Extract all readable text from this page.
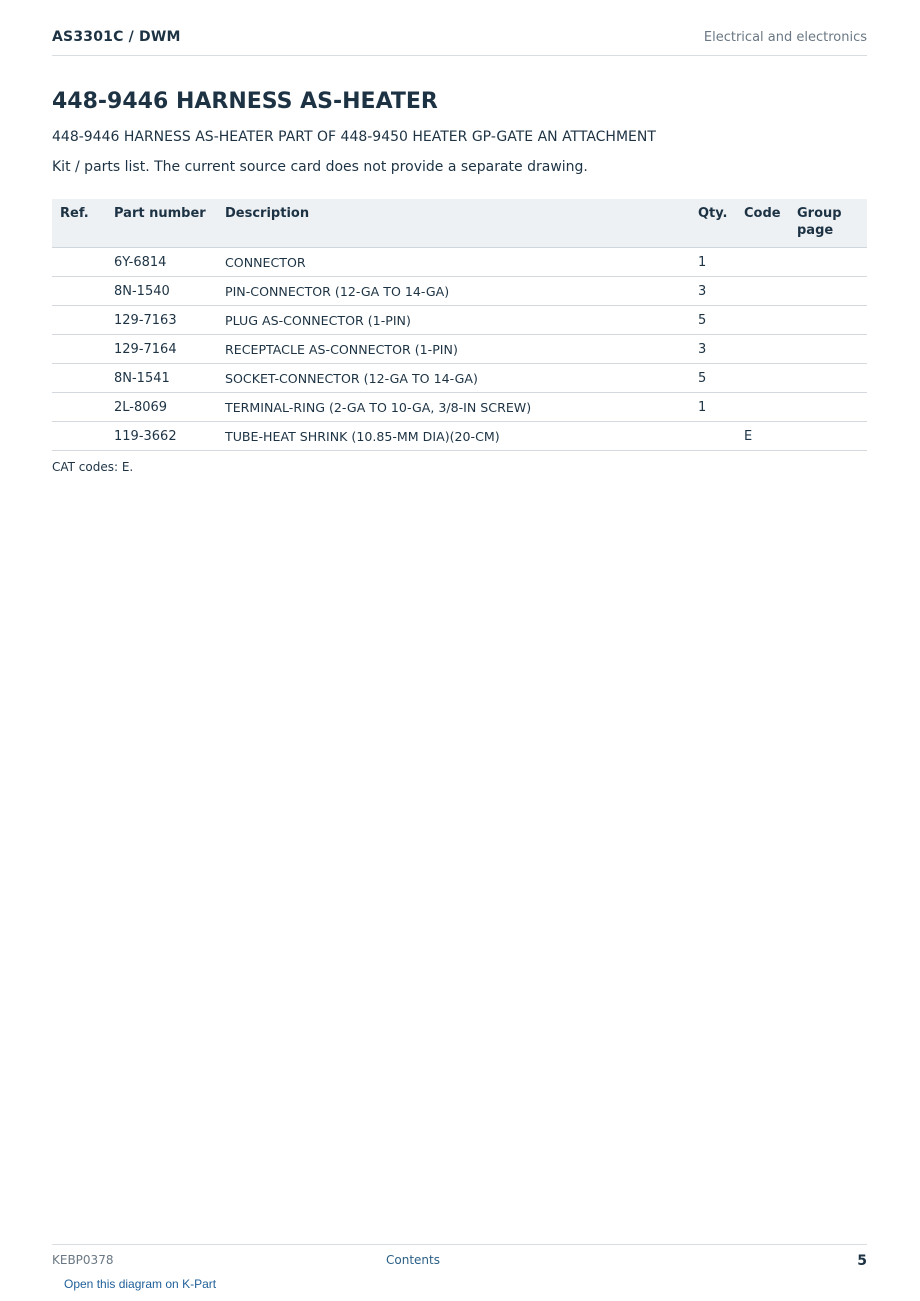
AS3301C / DWM	Electrical and electronics
448-9446 HARNESS AS-HEATER

448-9446 HARNESS AS-HEATER PART OF 448-9450 HEATER GP-GATE AN ATTACHMENT

Kit / parts list. The current source card does not provide a separate drawing.

Ref.	Part number	Description	Qty.	Code	Group page
	6Y-6814	CONNECTOR	1		
	8N-1540	PIN-CONNECTOR (12-GA TO 14-GA)	3		
	129-7163	PLUG AS-CONNECTOR (1-PIN)	5		
	129-7164	RECEPTACLE AS-CONNECTOR (1-PIN)	3		
	8N-1541	SOCKET-CONNECTOR (12-GA TO 14-GA)	5		
	2L-8069	TERMINAL-RING (2-GA TO 10-GA, 3/8-IN SCREW)	1		
	119-3662	TUBE-HEAT SHRINK (10.85-MM DIA)(20-CM)		E	

CAT codes: E.

KEBP0378	Contents	5
Open this diagram on K-Part
